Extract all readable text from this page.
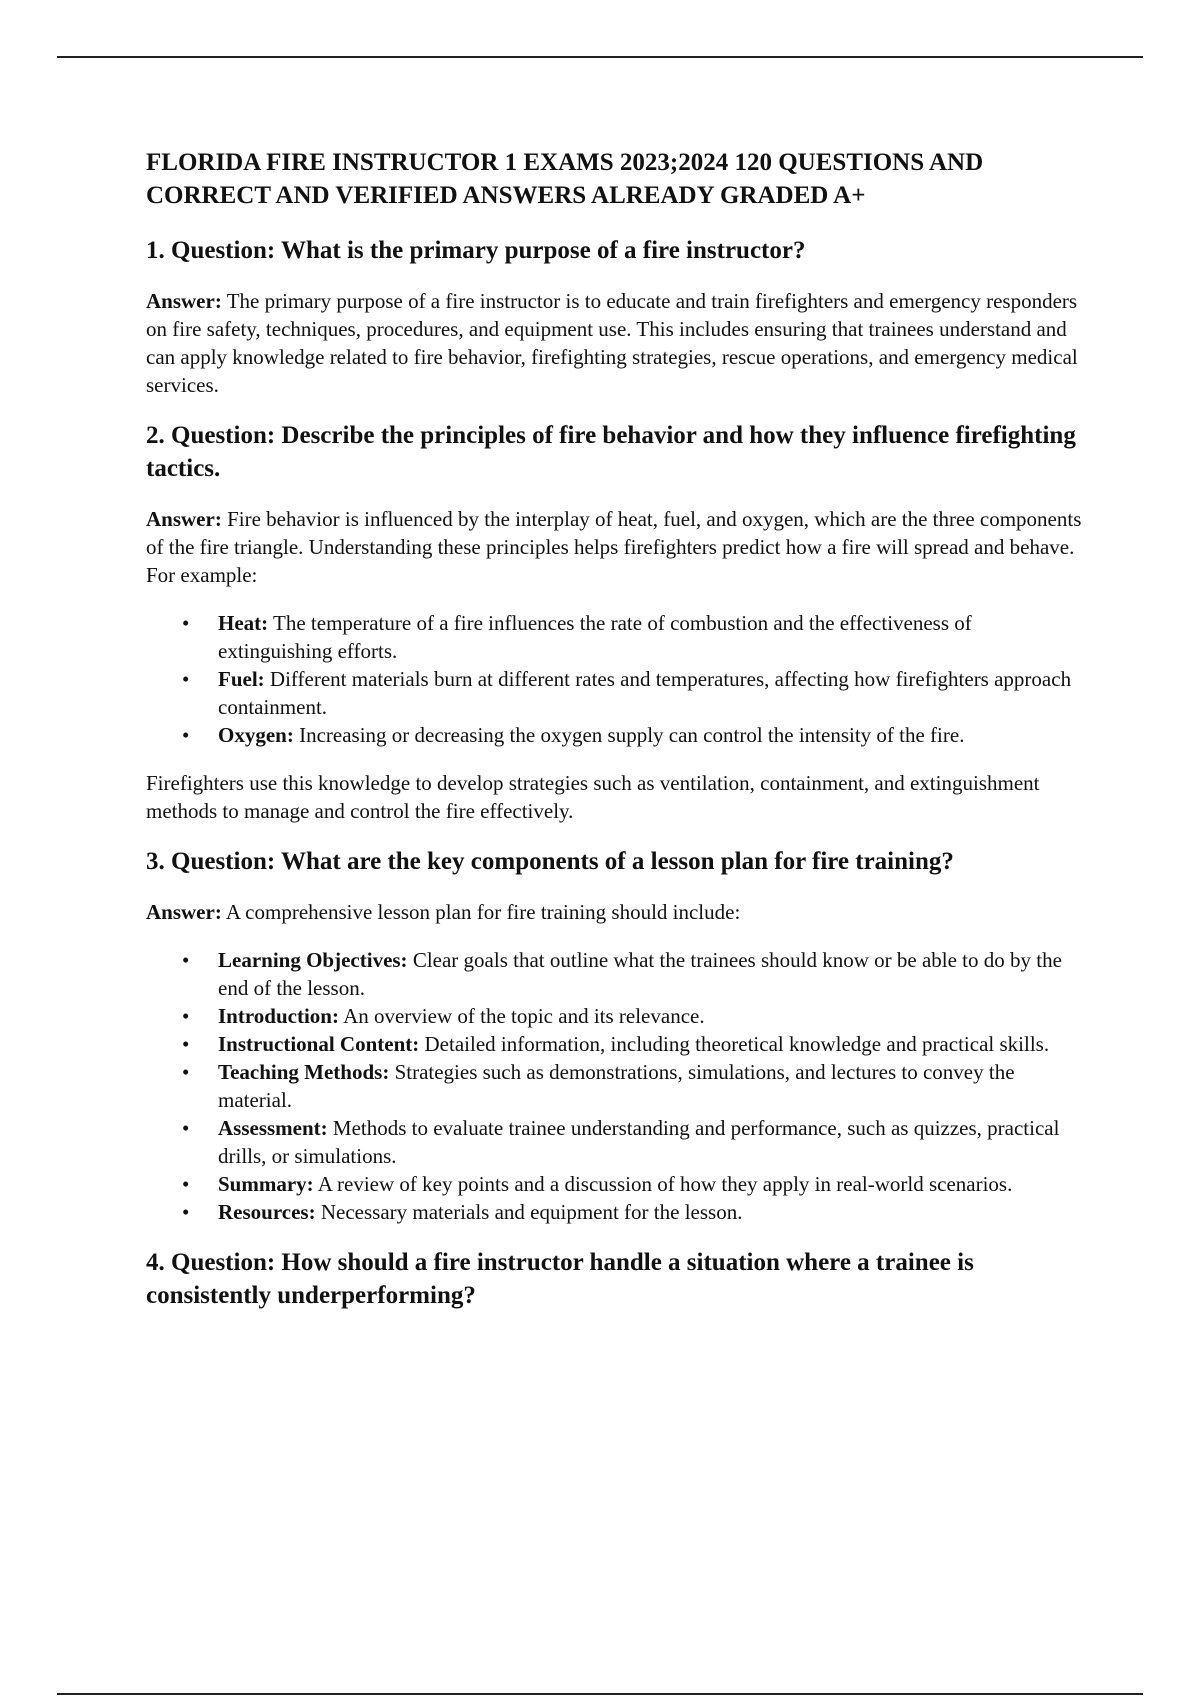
FLORIDA FIRE INSTRUCTOR 1 EXAMS 2023;2024 120 QUESTIONS AND CORRECT AND VERIFIED ANSWERS ALREADY GRADED A+
1. Question: What is the primary purpose of a fire instructor?

Answer: The primary purpose of a fire instructor is to educate and train firefighters and emergency responders on fire safety, techniques, procedures, and equipment use. This includes ensuring that trainees understand and can apply knowledge related to fire behavior, firefighting strategies, rescue operations, and emergency medical services.

2. Question: Describe the principles of fire behavior and how they influence firefighting tactics.

Answer: Fire behavior is influenced by the interplay of heat, fuel, and oxygen, which are the three components of the fire triangle. Understanding these principles helps firefighters predict how a fire will spread and behave. For example:

• Heat: The temperature of a fire influences the rate of combustion and the effectiveness of extinguishing efforts.
• Fuel: Different materials burn at different rates and temperatures, affecting how firefighters approach containment.
• Oxygen: Increasing or decreasing the oxygen supply can control the intensity of the fire.

Firefighters use this knowledge to develop strategies such as ventilation, containment, and extinguishment methods to manage and control the fire effectively.

3. Question: What are the key components of a lesson plan for fire training?

Answer: A comprehensive lesson plan for fire training should include:

• Learning Objectives: Clear goals that outline what the trainees should know or be able to do by the end of the lesson.
• Introduction: An overview of the topic and its relevance.
• Instructional Content: Detailed information, including theoretical knowledge and practical skills.
• Teaching Methods: Strategies such as demonstrations, simulations, and lectures to convey the material.
• Assessment: Methods to evaluate trainee understanding and performance, such as quizzes, practical drills, or simulations.
• Summary: A review of key points and a discussion of how they apply in real-world scenarios.
• Resources: Necessary materials and equipment for the lesson.
4. Question: How should a fire instructor handle a situation where a trainee is consistently underperforming?
